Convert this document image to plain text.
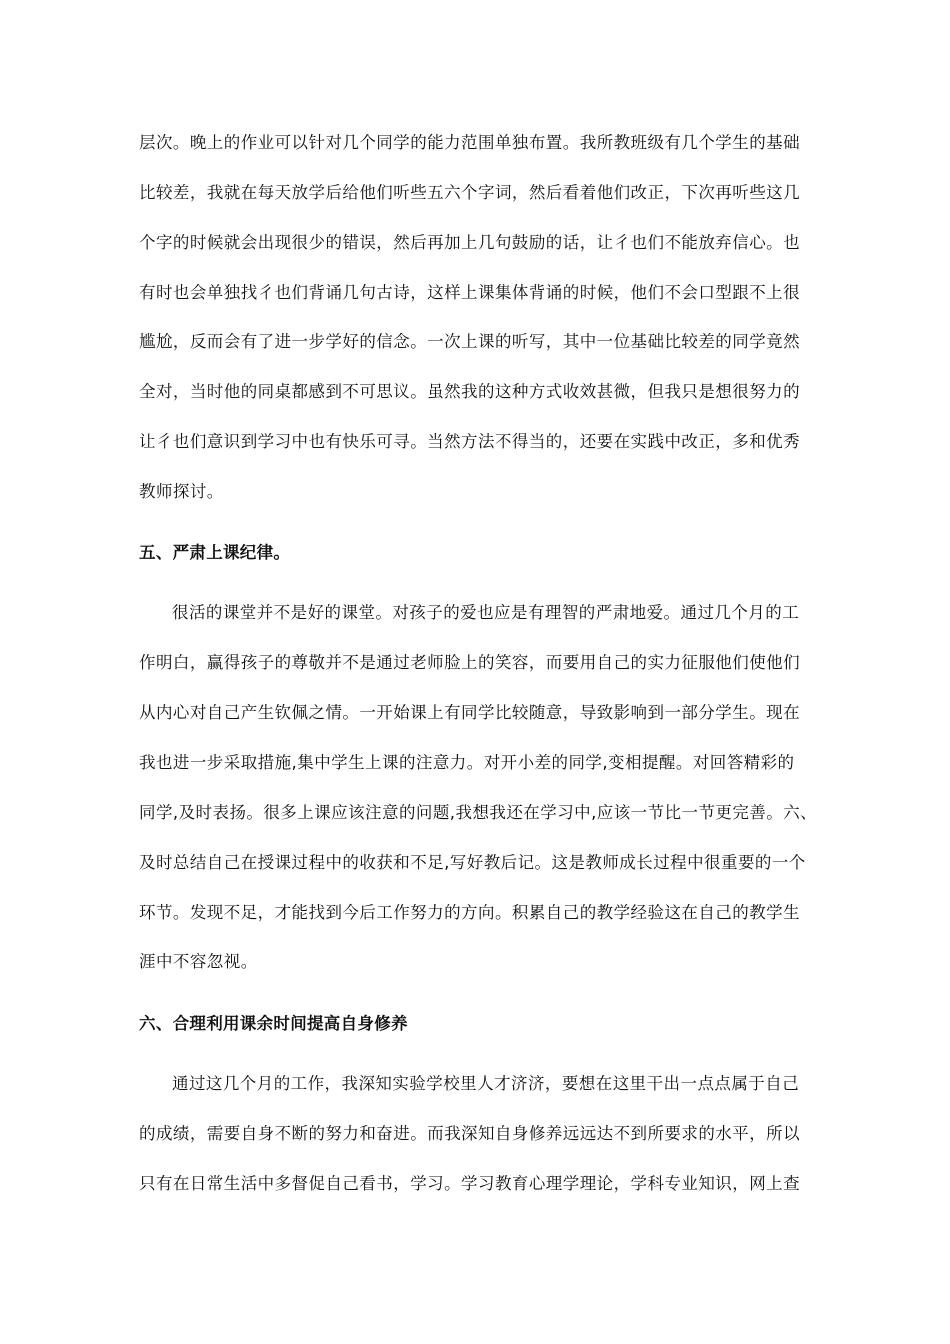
层次。晚上的作业可以针对几个同学的能力范围单独布置。我所教班级有几个学生的基础
比较差，我就在每天放学后给他们听些五六个字词，然后看着他们改正，下次再听些这几
个字的时候就会出现很少的错误，然后再加上几句鼓励的话，让彳也们不能放弃信心。也
有时也会单独找彳也们背诵几句古诗，这样上课集体背诵的时候，他们不会口型跟不上很
尴尬，反而会有了进一步学好的信念。一次上课的听写，其中一位基础比较差的同学竟然
全对，当时他的同桌都感到不可思议。虽然我的这种方式收效甚微，但我只是想很努力的
让彳也们意识到学习中也有快乐可寻。当然方法不得当的，还要在实践中改正，多和优秀
教师探讨。
五、严肃上课纪律。
很活的课堂并不是好的课堂。对孩子的爱也应是有理智的严肃地爱。通过几个月的工
作明白，赢得孩子的尊敬并不是通过老师脸上的笑容，而要用自己的实力征服他们使他们
从内心对自己产生钦佩之情。一开始课上有同学比较随意，导致影响到一部分学生。现在
我也进一步采取措施,集中学生上课的注意力。对开小差的同学,变相提醒。对回答精彩的
同学,及时表扬。很多上课应该注意的问题,我想我还在学习中,应该一节比一节更完善。六、
及时总结自己在授课过程中的收获和不足,写好教后记。这是教师成长过程中很重要的一个
环节。发现不足，才能找到今后工作努力的方向。积累自己的教学经验这在自己的教学生
涯中不容忽视。
六、合理利用课余时间提高自身修养
通过这几个月的工作，我深知实验学校里人才济济，要想在这里干出一点点属于自己
的成绩，需要自身不断的努力和奋进。而我深知自身修养远远达不到所要求的水平，所以
只有在日常生活中多督促自己看书，学习。学习教育心理学理论，学科专业知识，网上查
